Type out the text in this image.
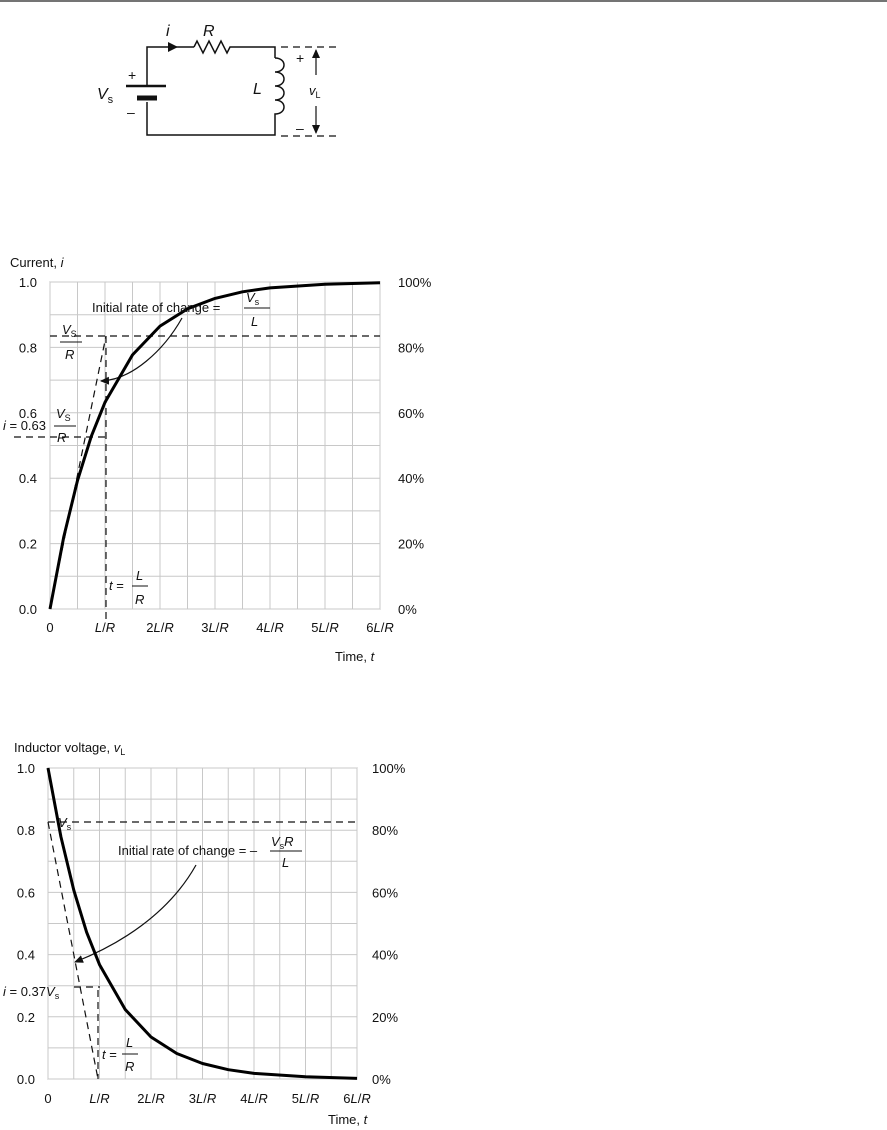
i R
L
$V_s$
+
–
+
–
$v_L$
Current, i
0.0
0.2
0.4
0.6
0.8
1.0
0%
20%
40%
60%
80%
100%
0	L/R 2L/R 3L/R 4L/R 5L/R 6L/R
Initial rate of change =
$V_s$
L
$V_S$
R
i = 0.63
$V_S$
R
t =
L
R
Time, t
Inductor voltage, $v_L$
0.0
0.2
0.4
0.6
0.8
1.0
0%
20%
40%
60%
80%
100%
0	L/R 2L/R 3L/R 4L/R 5L/R 6L/R
$V_s$
Initial rate of change = –
$V_sR$
L
$i = 0.37V_s$
t =
L
R
Time, t
